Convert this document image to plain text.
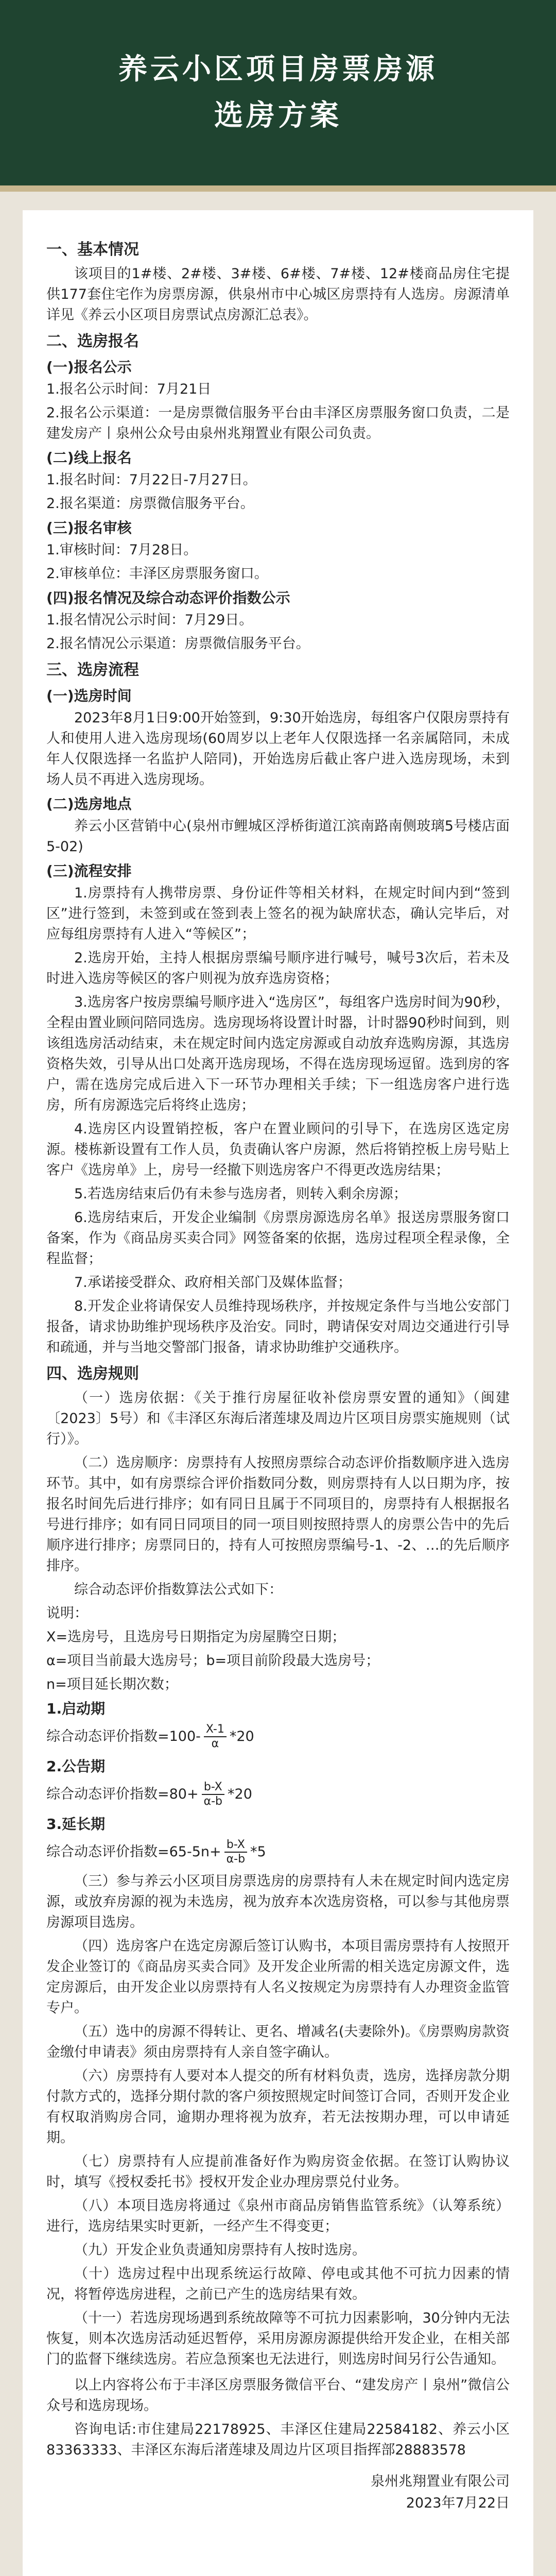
养云小区项目房票房源
选房方案
一、基本情况

该项目的1#楼、2#楼、3#楼、6#楼、7#楼、12#楼商品房住宅提供177套住宅作为房票房源，供泉州市中心城区房票持有人选房。房源清单详见《养云小区项目房票试点房源汇总表》。

二、选房报名
(一)报名公示

1.报名公示时间：7月21日

2.报名公示渠道：一是房票微信服务平台由丰泽区房票服务窗口负责，二是建发房产丨泉州公众号由泉州兆翔置业有限公司负责。

(二)线上报名

1.报名时间：7月22日-7月27日。

2.报名渠道：房票微信服务平台。

(三)报名审核

1.审核时间：7月28日。

2.审核单位：丰泽区房票服务窗口。

(四)报名情况及综合动态评价指数公示

1.报名情况公示时间：7月29日。

2.报名情况公示渠道：房票微信服务平台。

三、选房流程
(一)选房时间

2023年8月1日9:00开始签到，9:30开始选房，每组客户仅限房票持有人和使用人进入选房现场(60周岁以上老年人仅限选择一名亲属陪同，未成年人仅限选择一名监护人陪同)，开始选房后截止客户进入选房现场，未到场人员不再进入选房现场。

(二)选房地点

养云小区营销中心(泉州市鲤城区浮桥街道江滨南路南侧玻璃5号楼店面5-02)

(三)流程安排

1.房票持有人携带房票、身份证件等相关材料，在规定时间内到“签到区”进行签到，未签到或在签到表上签名的视为缺席状态，确认完毕后，对应每组房票持有人进入“等候区”；

2.选房开始，主持人根据房票编号顺序进行喊号，喊号3次后，若未及时进入选房等候区的客户则视为放弃选房资格；

3.选房客户按房票编号顺序进入“选房区”，每组客户选房时间为90秒，全程由置业顾问陪同选房。选房现场将设置计时器，计时器90秒时间到，则该组选房活动结束，未在规定时间内选定房源或自动放弃选购房源，其选房资格失效，引导从出口处离开选房现场，不得在选房现场逗留。选到房的客户，需在选房完成后进入下一环节办理相关手续；下一组选房客户进行选房，所有房源选完后将终止选房；

4.选房区内设置销控板，客户在置业顾问的引导下，在选房区选定房源。楼栋新设置有工作人员，负责确认客户房源，然后将销控板上房号贴上客户《选房单》上，房号一经撤下则选房客户不得更改选房结果；

5.若选房结束后仍有未参与选房者，则转入剩余房源；

6.选房结束后，开发企业编制《房票房源选房名单》报送房票服务窗口备案，作为《商品房买卖合同》网签备案的依据，选房过程项全程录像，全程监督；

7.承诺接受群众、政府相关部门及媒体监督；

8.开发企业将请保安人员维持现场秩序，并按规定条件与当地公安部门报备，请求协助维护现场秩序及治安。同时，聘请保安对周边交通进行引导和疏通，并与当地交警部门报备，请求协助维护交通秩序。

四、选房规则

（一）选房依据：《关于推行房屋征收补偿房票安置的通知》（闽建〔2023〕5号）和《丰泽区东海后渚莲埭及周边片区项目房票实施规则（试行）》。

（二）选房顺序：房票持有人按照房票综合动态评价指数顺序进入选房环节。其中，如有房票综合评价指数同分数，则房票持有人以日期为序，按报名时间先后进行排序；如有同日且属于不同项目的，房票持有人根据报名号进行排序；如有同日同项目的同一项目则按照持票人的房票公告中的先后顺序进行排序；房票同日的，持有人可按照房票编号-1、-2、…的先后顺序排序。

综合动态评价指数算法公式如下：

说明：

X=选房号，且选房号日期指定为房屋腾空日期；

α=项目当前最大选房号；b=项目前阶段最大选房号；

n=项目延长期次数；

1.启动期
综合动态评价指数$=100- \frac{X-1}{\alpha} *20$
2.公告期
综合动态评价指数$=80+ \frac{b-X}{\alpha-b} *20$
3.延长期
综合动态评价指数$=65-5n+ \frac{b-X}{\alpha-b} *5$

（三）参与养云小区项目房票选房的房票持有人未在规定时间内选定房源，或放弃房源的视为未选房，视为放弃本次选房资格，可以参与其他房票房源项目选房。

（四）选房客户在选定房源后签订认购书，本项目需房票持有人按照开发企业签订的《商品房买卖合同》及开发企业所需的相关选定房源文件，选定房源后，由开发企业以房票持有人名义按规定为房票持有人办理资金监管专户。

（五）选中的房源不得转让、更名、增减名(夫妻除外)。《房票购房款资金缴付申请表》须由房票持有人亲自签字确认。

（六）房票持有人要对本人提交的所有材料负责，选房，选择房款分期付款方式的，选择分期付款的客户须按照规定时间签订合同，否则开发企业有权取消购房合同，逾期办理将视为放弃，若无法按期办理，可以申请延期。

（七）房票持有人应提前准备好作为购房资金依据。在签订认购协议时，填写《授权委托书》授权开发企业办理房票兑付业务。

（八）本项目选房将通过《泉州市商品房销售监管系统》（认筹系统）进行，选房结果实时更新，一经产生不得变更；

（九）开发企业负责通知房票持有人按时选房。

（十）选房过程中出现系统运行故障、停电或其他不可抗力因素的情况，将暂停选房进程，之前已产生的选房结果有效。

（十一）若选房现场遇到系统故障等不可抗力因素影响，30分钟内无法恢复，则本次选房活动延迟暂停，采用房源房源提供给开发企业，在相关部门的监督下继续选房。若应急预案也无法进行，则选房时间另行公告通知。

以上内容将公布于丰泽区房票服务微信平台、“建发房产丨泉州”微信公众号和选房现场。

咨询电话:市住建局22178925、丰泽区住建局22584182、养云小区83363333、丰泽区东海后渚莲埭及周边片区项目指挥部28883578

泉州兆翔置业有限公司
2023年7月22日
